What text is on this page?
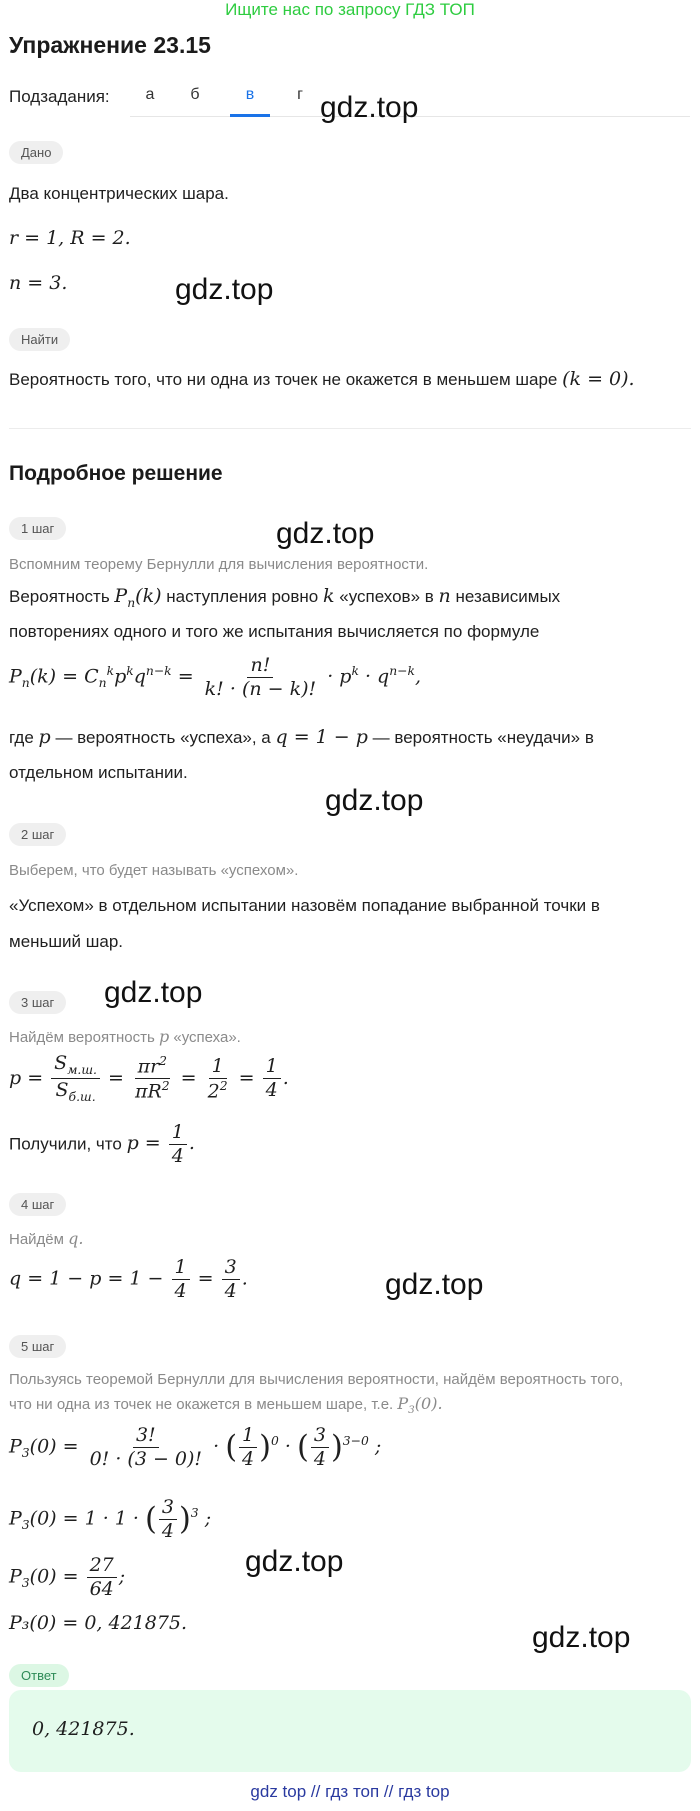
Ищите нас по запросу ГДЗ ТОП
Упражнение 23.15
Подзадания:	а	б	в	г gdz.top
Дано
Два концентрических шара.
r = 1, R = 2.
n = 3.	gdz.top
Найти
Вероятность того, что ни одна из точек не окажется в меньшем шаре (k = 0).
Подробное решение
1 шаг	gdz.top
Вспомним теорему Бернулли для вычисления вероятности.
Вероятность $P_n(k)$ наступления ровно k «успехов» в n независимых
повторениях одного и того же испытания вычисляется по формуле
$P_n(k) = C_n^kp^kq^{n-k} = \frac{n!}{k! \cdot (n - k)!} \cdot p^k \cdot q^{n-k}$,
где p — вероятность «успеха», а q = 1 − p — вероятность «неудачи» в
отдельном испытании.
gdz.top
2 шаг
Выберем, что будет называть «успехом».
«Успехом» в отдельном испытании назовём попадание выбранной точки в
меньший шар.
3 шаг	gdz.top
Найдём вероятность p «успеха».
$p = \frac{S_{м.ш.}}{S_{б.ш.}} = \frac{\pi r^2}{\pi R^2} = \frac{1}{2^2} = \frac{1}{4}$ .
Получили, что $p = \frac{1}{4}$ .
4 шаг
Найдём q.
$q = 1 - p = 1 - \frac{1}{4} = \frac{3}{4}$ .	gdz.top
5 шаг
Пользуясь теоремой Бернулли для вычисления вероятности, найдём вероятность того,
что ни одна из точек не окажется в меньшем шаре, т.е. $P_3(0)$.
$P_3(0) = \frac{3!}{0! \cdot (3 - 0)!}$ · ( $\frac{1}{4} )^0$ · ( $\frac{3}{4} )^{3-0}$ ;
$P_3(0) = 1 \cdot 1$ · ( $\frac{3}{4} )^3$ ;
$P_3(0) = \frac{27}{64}$ ;	gdz.top
P₃(0) = 0, 421875.	gdz.top
Ответ
0, 421875.
gdz top // гдз топ // гдз top
